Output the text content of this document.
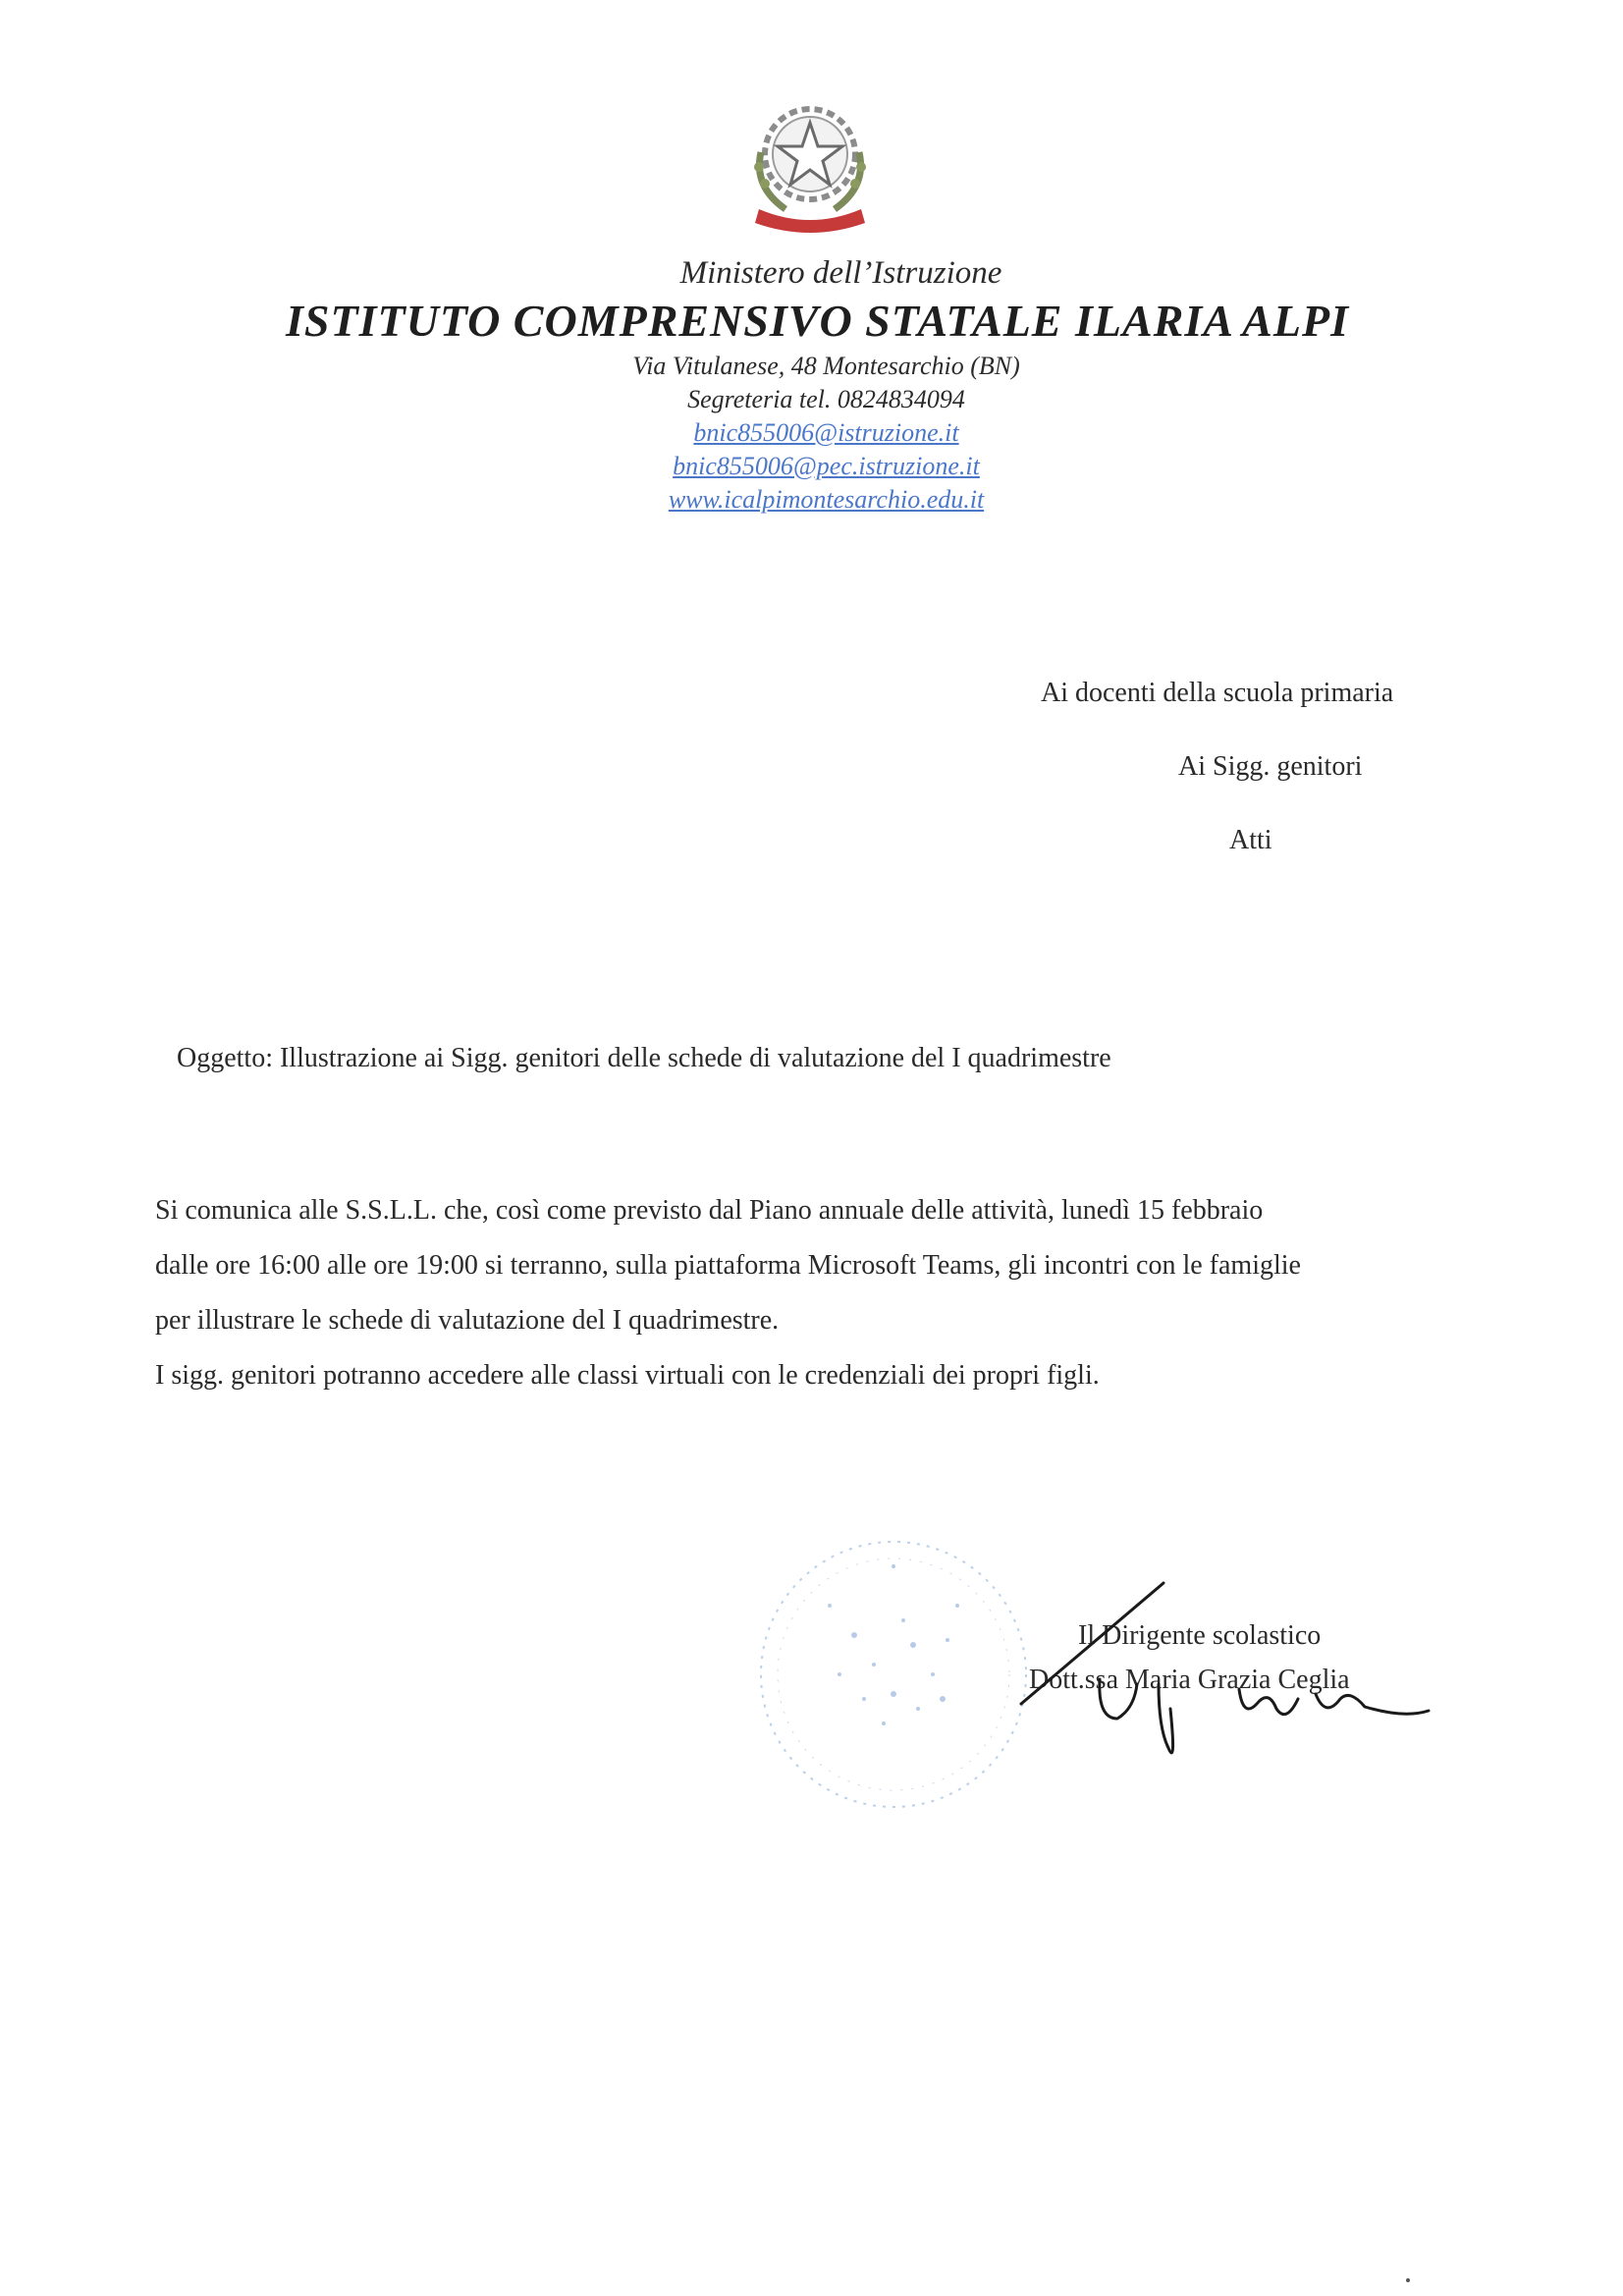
Ministero dell’Istruzione
ISTITUTO COMPRENSIVO STATALE ILARIA ALPI
Via Vitulanese, 48 Montesarchio (BN)
Segreteria tel. 0824834094
bnic855006@istruzione.it
bnic855006@pec.istruzione.it
www.icalpimontesarchio.edu.it
Ai docenti della scuola primaria
Ai Sigg. genitori
Atti
Oggetto: Illustrazione ai Sigg. genitori delle schede di valutazione del I quadrimestre

Si comunica alle S.S.L.L. che, così come previsto dal Piano annuale delle attività, lunedì 15 febbraio

dalle ore 16:00 alle ore 19:00 si terranno, sulla piattaforma Microsoft Teams, gli incontri con le famiglie

per illustrare le schede di valutazione del I quadrimestre.

I sigg. genitori potranno accedere alle classi virtuali con le credenziali dei propri figli.

Il Dirigente scolastico
Dott.ssa Maria Grazia Ceglia
